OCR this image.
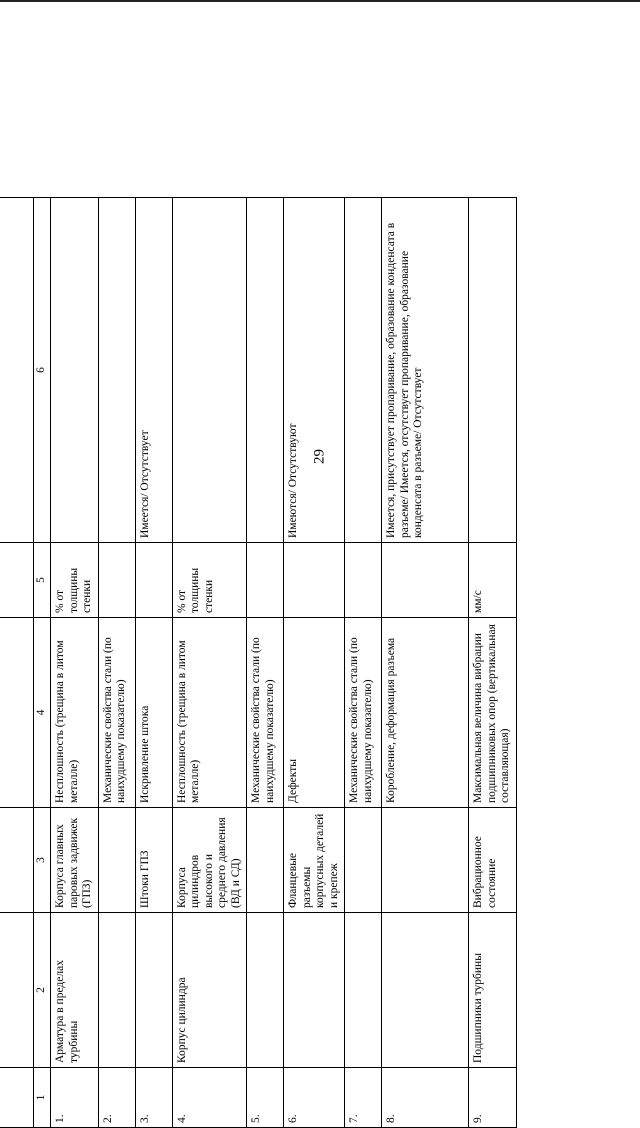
29

1	2	3	4	5	6
1.	Арматура в пределах турбины	Корпуса главных паровых задвижек (ГПЗ)	Несплошность (трещина в литом металле)	% от толщины стенки	
2.			Механические свойства стали (по наихудшему показателю)		
3.		Штоки ГПЗ	Искривление штока		Имеется/ Отсутствует
4.	Корпус цилиндра	Корпуса цилиндров высокого и среднего давления (ВД и СД)	Несплошность (трещина в литом металле)	% от толщины стенки	
5.			Механические свойства стали (по наихудшему показателю)		
6.		Фланцевые разъемы корпусных деталей и крепеж	Дефекты		Имеются/ Отсутствуют
7.			Механические свойства стали (по наихудшему показателю)		
8.			Коробление, деформация разъема		Имеется, присутствует пропаривание, образование конденсата в разъеме/ Имеется, отсутствует пропаривание, образование конденсата в разъеме/ Отсутствует
9.	Подшипники турбины	Вибрационное состояние	Максимальная величина вибрации подшипниковых опор (вертикальная составляющая)	мм/с	
